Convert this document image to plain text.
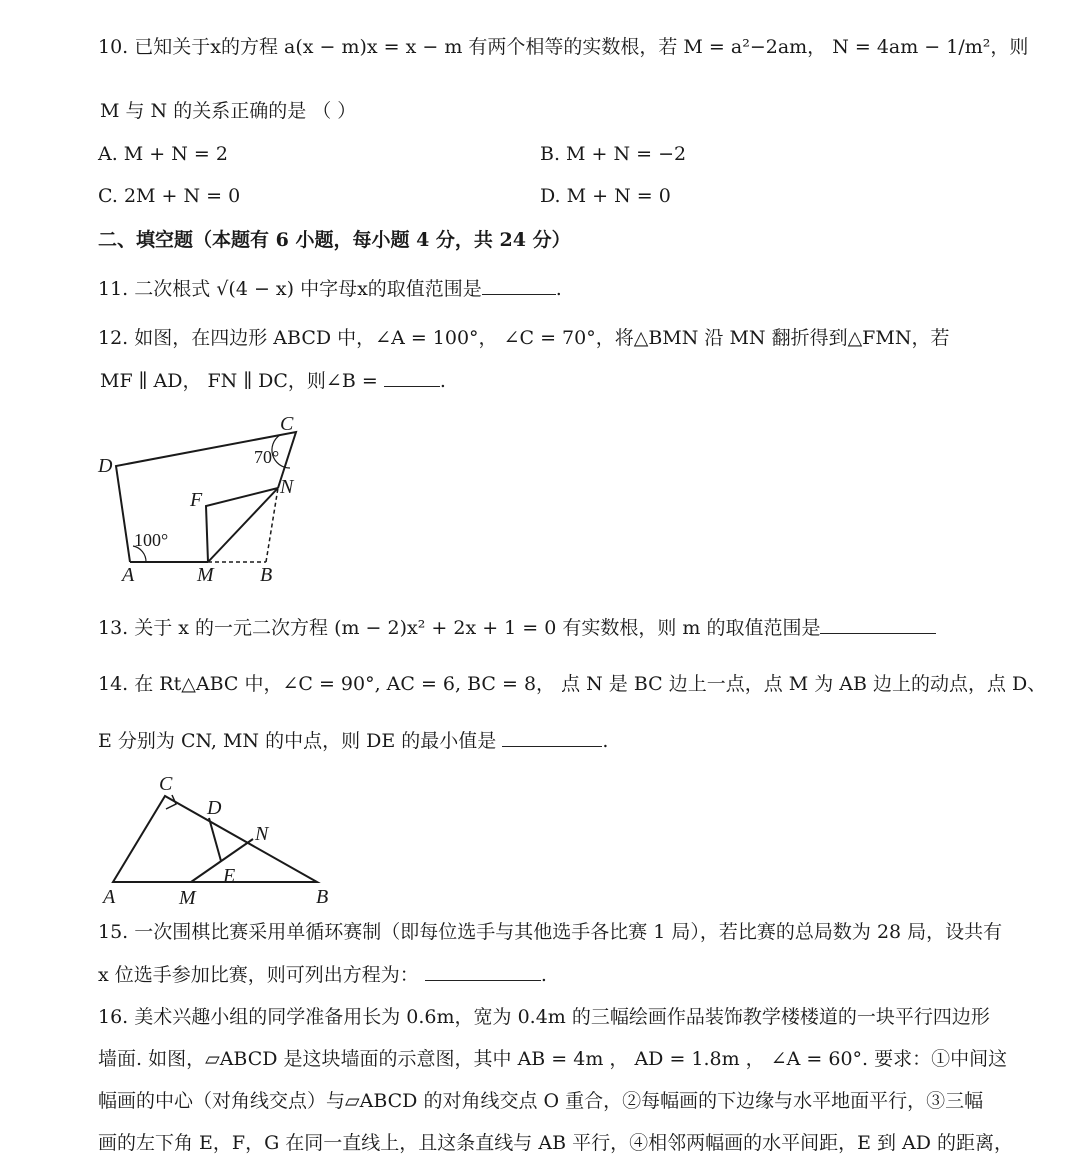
10. 已知关于x的方程 a(x − m)x = x − m 有两个相等的实数根，若 M = a²−2am， N = 4am − 1/m²，则
M 与 N 的关系正确的是 （ ）
A. M + N = 2	B. M + N = −2
C. 2M + N = 0	D. M + N = 0
二、填空题（本题有 6 小题，每小题 4 分，共 24 分）
11. 二次根式 √(4 − x) 中字母x的取值范围是	.
12. 如图，在四边形 ABCD 中，∠A = 100°， ∠C = 70°，将△BMN 沿 MN 翻折得到△FMN，若
MF ∥ AD， FN ∥ DC，则∠B =	.
C
D
F
N
A	M B
70°
100°
13. 关于 x 的一元二次方程 (m − 2)x² + 2x + 1 = 0 有实数根，则 m 的取值范围是
14. 在 Rt△ABC 中，∠C = 90°, AC = 6, BC = 8， 点 N 是 BC 边上一点，点 M 为 AB 边上的动点，点 D、
E 分别为 CN, MN 的中点，则 DE 的最小值是	.
C
D
N
E
A	M	B
15. 一次围棋比赛采用单循环赛制（即每位选手与其他选手各比赛 1 局），若比赛的总局数为 28 局，设共有
x 位选手参加比赛，则可列出方程为：	.
16. 美术兴趣小组的同学准备用长为 0.6m，宽为 0.4m 的三幅绘画作品装饰教学楼楼道的一块平行四边形
墙面. 如图，▱ABCD 是这块墙面的示意图，其中 AB = 4m ， AD = 1.8m ， ∠A = 60°. 要求：①中间这
幅画的中心（对角线交点）与▱ABCD 的对角线交点 O 重合，②每幅画的下边缘与水平地面平行，③三幅
画的左下角 E，F，G 在同一直线上，且这条直线与 AB 平行，④相邻两幅画的水平间距，E 到 AD 的距离，
